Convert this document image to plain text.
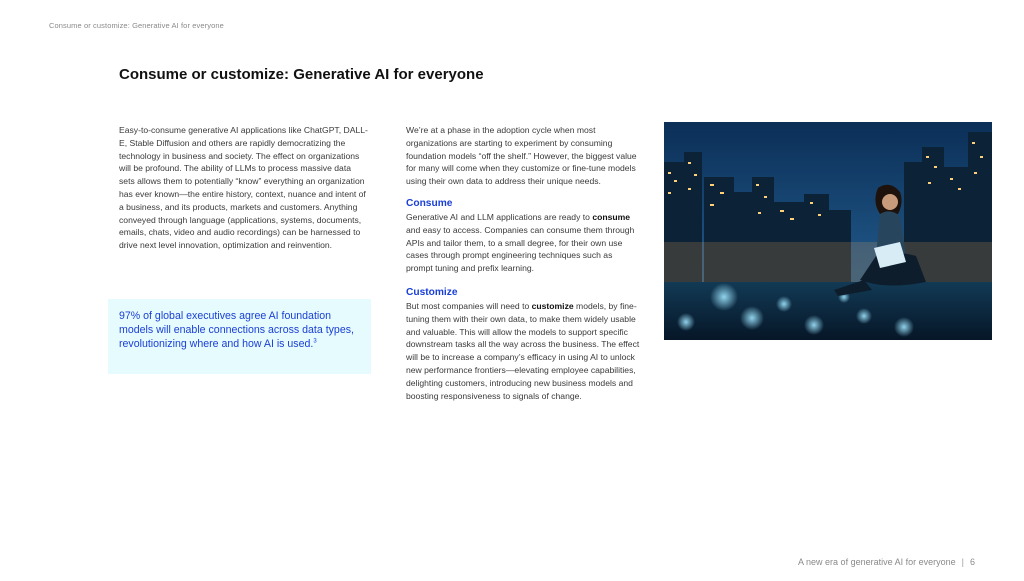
Consume or customize: Generative AI for everyone
Consume or customize: Generative AI for everyone

Easy-to-consume generative AI applications like ChatGPT, DALL-E, Stable Diffusion and others are rapidly democratizing the technology in business and society. The effect on organizations will be profound. The ability of LLMs to process massive data sets allows them to potentially “know” everything an organization has ever known—the entire history, context, nuance and intent of a business, and its products, markets and customers. Anything conveyed through language (applications, systems, documents, emails, chats, video and audio recordings) can be harnessed to drive next level innovation, optimization and reinvention.

97% of global executives agree AI foundation models will enable connections across data types, revolutionizing where and how AI is used.$^3$

We’re at a phase in the adoption cycle when most organizations are starting to experiment by consuming foundation models “off the shelf.” However, the biggest value for many will come when they customize or fine-tune models using their own data to address their unique needs.

Consume

Generative AI and LLM applications are ready to consume and easy to access. Companies can consume them through APIs and tailor them, to a small degree, for their own use cases through prompt engineering techniques such as prompt tuning and prefix learning.

Customize

But most companies will need to customize models, by fine-tuning them with their own data, to make them widely usable and valuable. This will allow the models to support specific downstream tasks all the way across the business. The effect will be to increase a company’s efficacy in using AI to unlock new performance frontiers—elevating employee capabilities, delighting customers, introducing new business models and boosting responsiveness to signals of change.

A new era of generative AI for everyone | 6
